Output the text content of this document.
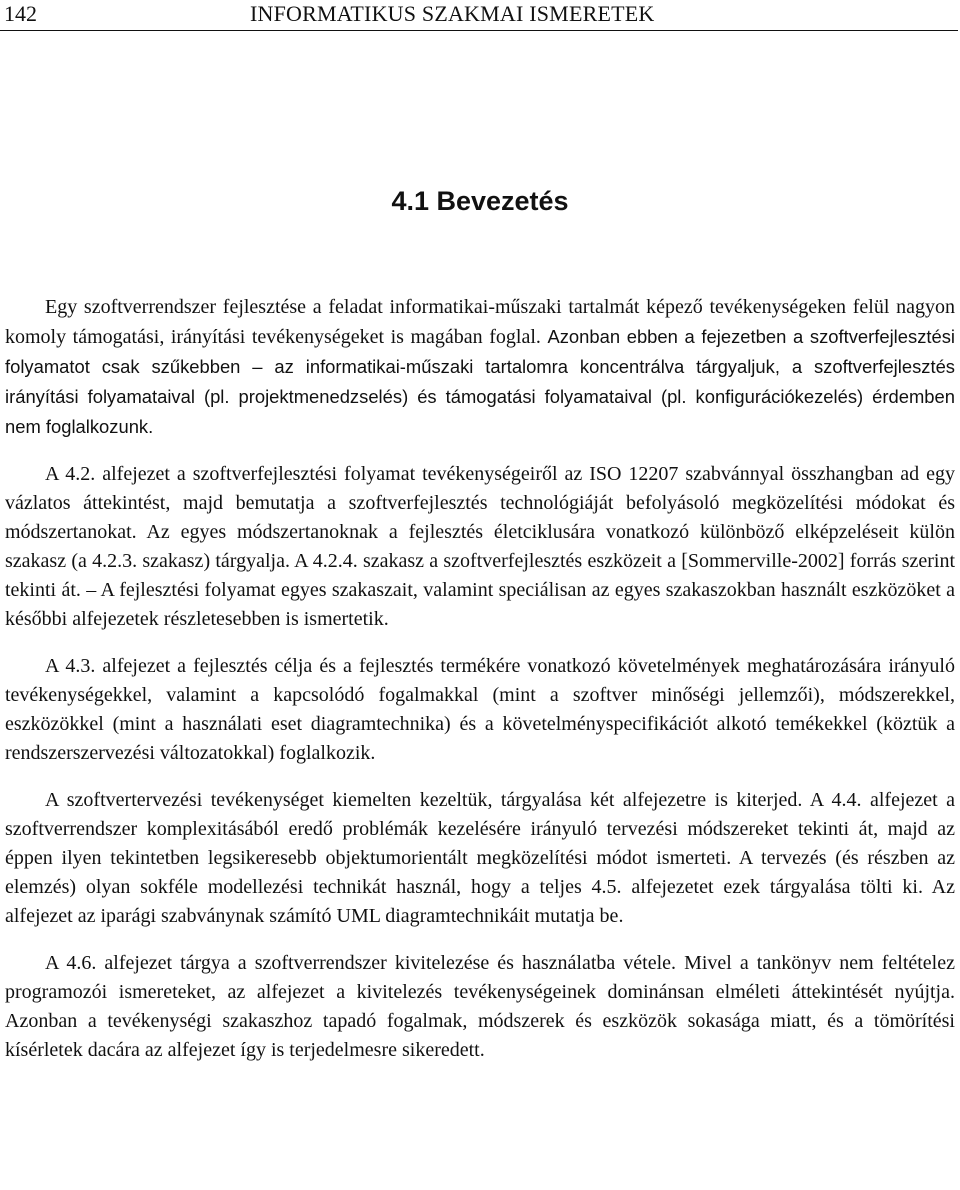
142	INFORMATIKUS SZAKMAI ISMERETEK
4.1 Bevezetés

Egy szoftverrendszer fejlesztése a feladat informatikai-műszaki tartalmát képező tevékenységeken felül nagyon komoly támogatási, irányítási tevékenységeket is magában foglal. Azonban ebben a fejezetben a szoftverfejlesztési folyamatot csak szűkebben – az informatikai-műszaki tartalomra koncentrálva tárgyaljuk, a szoftverfejlesztés irányítási folyamataival (pl. projektmenedzselés) és támogatási folyamataival (pl. konfigurációkezelés) érdemben nem foglalkozunk.

A 4.2. alfejezet a szoftverfejlesztési folyamat tevékenységeiről az ISO 12207 szabvánnyal összhangban ad egy vázlatos áttekintést, majd bemutatja a szoftverfejlesztés technológiáját befolyásoló megközelítési módokat és módszertanokat. Az egyes módszertanoknak a fejlesztés életciklusára vonatkozó különböző elképzeléseit külön szakasz (a 4.2.3. szakasz) tárgyalja. A 4.2.4. szakasz a szoftverfejlesztés eszközeit a [Sommerville-2002] forrás szerint tekinti át. – A fejlesztési folyamat egyes szakaszait, valamint speciálisan az egyes szakaszokban használt eszközöket a későbbi alfejezetek részletesebben is ismertetik.

A 4.3. alfejezet a fejlesztés célja és a fejlesztés termékére vonatkozó követelmények meghatározására irányuló tevékenységekkel, valamint a kapcsolódó fogalmakkal (mint a szoftver minőségi jellemzői), módszerekkel, eszközökkel (mint a használati eset diagramtechnika) és a követelményspecifikációt alkotó temékekkel (köztük a rendszerszervezési változatokkal) foglalkozik.

A szoftvertervezési tevékenységet kiemelten kezeltük, tárgyalása két alfejezetre is kiterjed. A 4.4. alfejezet a szoftverrendszer komplexitásából eredő problémák kezelésére irányuló tervezési módszereket tekinti át, majd az éppen ilyen tekintetben legsikeresebb objektumorientált megközelítési módot ismerteti. A tervezés (és részben az elemzés) olyan sokféle modellezési technikát használ, hogy a teljes 4.5. alfejezetet ezek tárgyalása tölti ki. Az alfejezet az iparági szabványnak számító UML diagramtechnikáit mutatja be.

A 4.6. alfejezet tárgya a szoftverrendszer kivitelezése és használatba vétele. Mivel a tankönyv nem feltételez programozói ismereteket, az alfejezet a kivitelezés tevékenységeinek dominánsan elméleti áttekintését nyújtja. Azonban a tevékenységi szakaszhoz tapadó fogalmak, módszerek és eszközök sokasága miatt, és a tömörítési kísérletek dacára az alfejezet így is terjedelmesre sikeredett.
